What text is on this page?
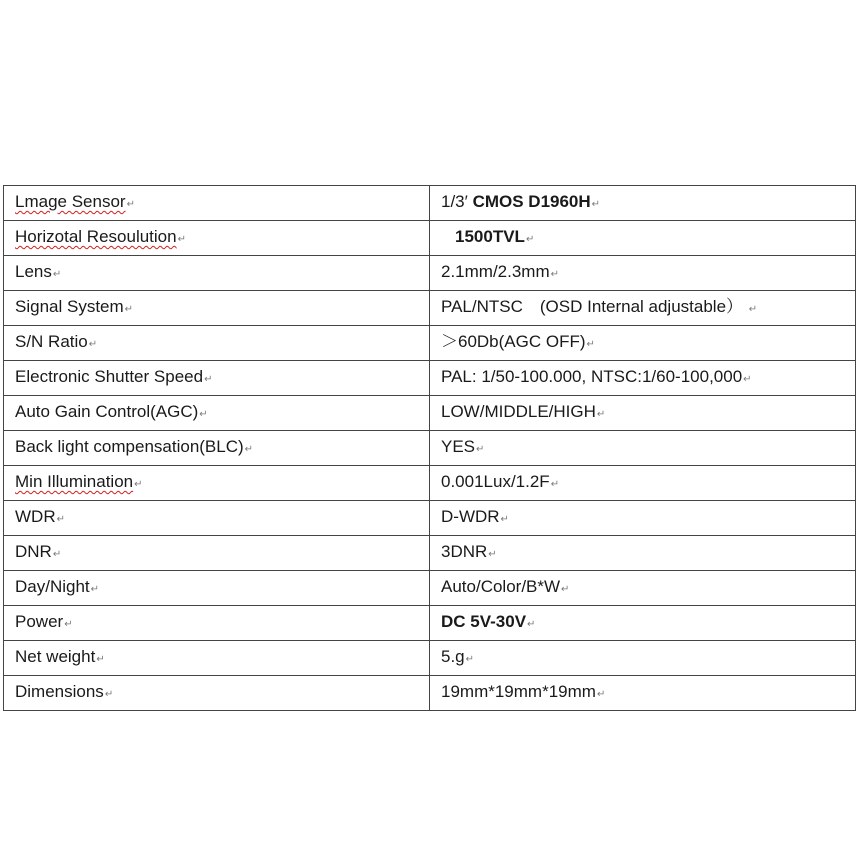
Lmage Sensor↵	1/3′ CMOS D1960H↵
Horizotal Resoulution↵	1500TVL↵
Lens↵	2.1mm/2.3mm↵
Signal System↵	PAL/NTSC　(OSD Internal adjustable） ↵
S/N Ratio↵	＞60Db(AGC OFF)↵
Electronic Shutter Speed↵	PAL: 1/50-100.000, NTSC:1/60-100,000↵
Auto Gain Control(AGC)↵	LOW/MIDDLE/HIGH↵
Back light compensation(BLC)↵	YES↵
Min Illumination↵	0.001Lux/1.2F↵
WDR↵	D-WDR↵
DNR↵	3DNR↵
Day/Night↵	Auto/Color/B*W↵
Power↵	DC 5V-30V↵
Net weight↵	5.g↵
Dimensions↵	19mm*19mm*19mm↵
